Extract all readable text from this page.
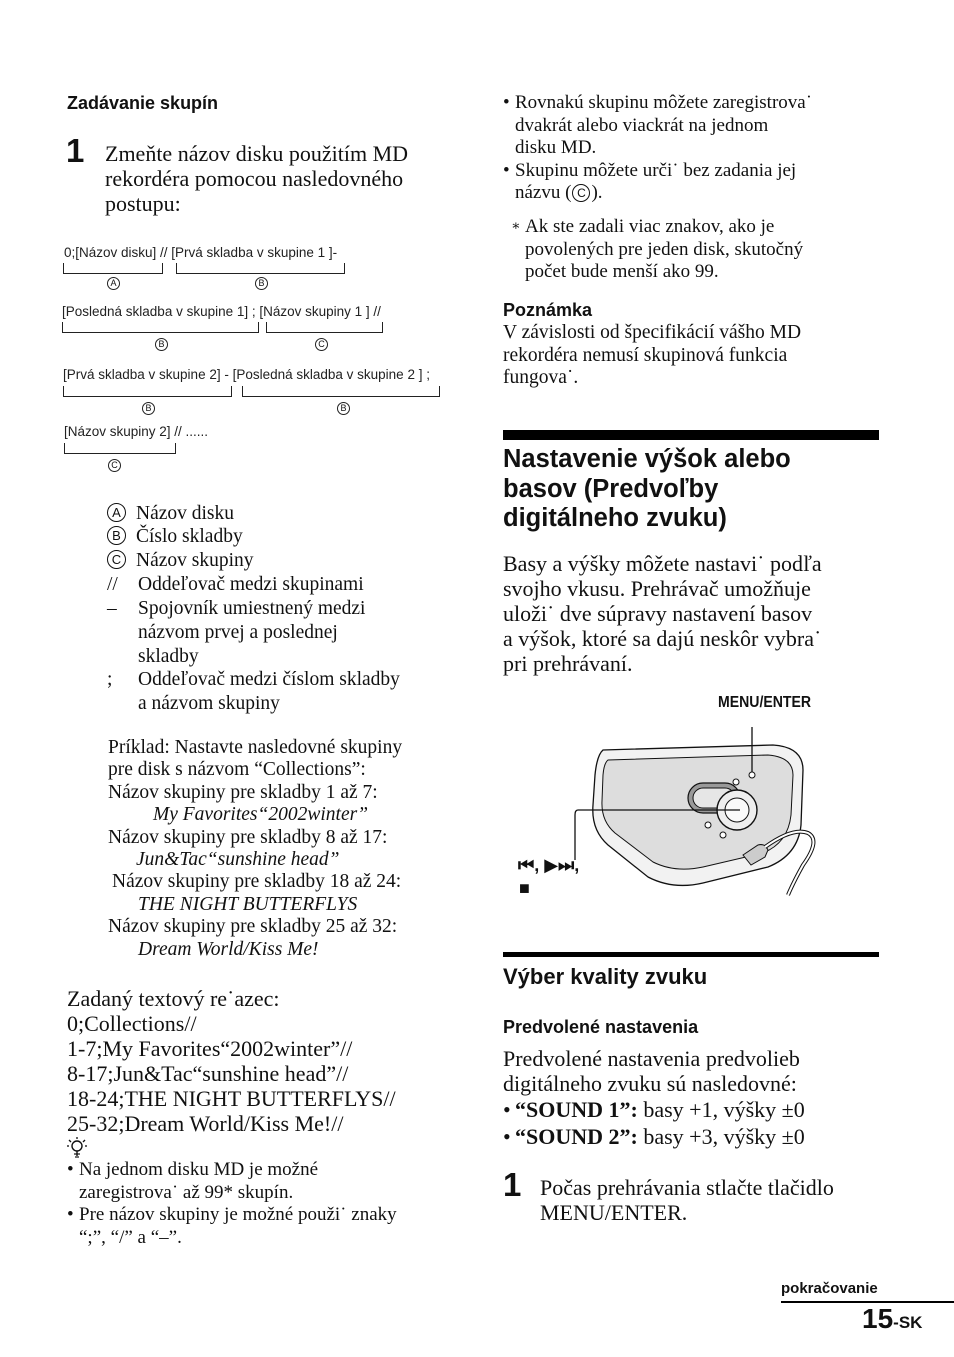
Zadávanie skupín
1 Zmeňte názov disku použitím MD
rekordéra pomocou nasledovného
postupu:
0;[Názov disku] // [Prvá skladba v skupine 1 ]-
A	B
[Posledná skladba v skupine 1] ; [Názov skupiny 1 ] //
B	C
[Prvá skladba v skupine 2] - [Posledná skladba v skupine 2 ] ;
B	B
[Názov skupiny 2] // ......
C
A Názov disku
B Číslo skladby
C Názov skupiny
// Oddeľovač medzi skupinami
– Spojovník umiestnený medzi
názvom prvej a poslednej
skladby
; Oddeľovač medzi číslom skladby
a názvom skupiny
Príklad: Nastavte nasledovné skupiny
pre disk s názvom “Collections”:
Názov skupiny pre skladby 1 až 7:
My Favorites“2002winter”
Názov skupiny pre skladby 8 až 17:
Jun&Tac“sunshine head”
Názov skupiny pre skladby 18 až 24:
THE NIGHT BUTTERFLYS
Názov skupiny pre skladby 25 až 32:
Dream World/Kiss Me!
Zadaný textový re˙azec:
0;Collections//
1-7;My Favorites“2002winter”//
8-17;Jun&Tac“sunshine head”//
18-24;THE NIGHT BUTTERFLYS//
25-32;Dream World/Kiss Me!//
• Na jednom disku MD je možné
zaregistrova˙ až 99* skupín.
• Pre názov skupiny je možné použi˙ znaky
“;”, “/” a “–”.
• Rovnakú skupinu môžete zaregistrova˙
dvakrát alebo viackrát na jednom
disku MD.
• Skupinu môžete urči˙ bez zadania jej
názvu ( C ).
∗ Ak ste zadali viac znakov, ako je
povolených pre jeden disk, skutočný
počet bude menší ako 99.
Poznámka
V závislosti od špecifikácií vášho MD
rekordéra nemusí skupinová funkcia
fungova˙.
Nastavenie výšok alebo
basov (Predvoľby
digitálneho zvuku)
Basy a výšky môžete nastavi˙ podľa
svojho vkusu. Prehrávač umožňuje
uloži˙ dve súpravy nastavení basov
a výšok, ktoré sa dajú neskôr vybra˙
pri prehrávaní.
MENU/ENTER
⏮, ▶⏭,
■
Výber kvality zvuku
Predvolené nastavenia
Predvolené nastavenia predvolieb
digitálneho zvuku sú nasledovné:
• “SOUND 1”: basy +1, výšky ±0
• “SOUND 2”: basy +3, výšky ±0
1 Počas prehrávania stlačte tlačidlo
MENU/ENTER.
pokračovanie
15-SK
